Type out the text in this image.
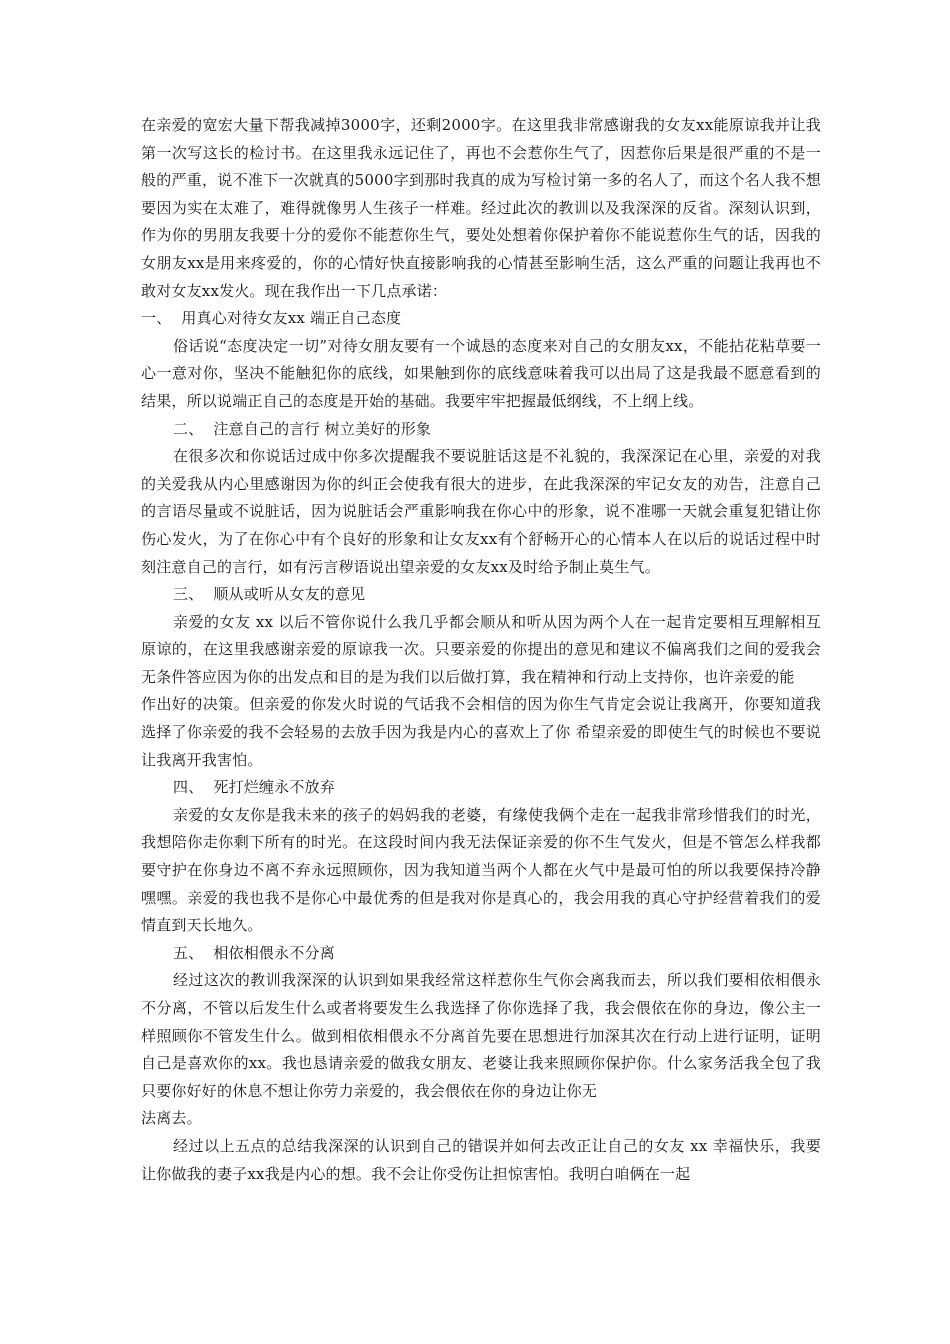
在亲爱的宽宏大量下帮我减掉3000字，还剩2000字。在这里我非常感谢我的女友xx能原谅我并让我第一次写这长的检讨书。在这里我永远记住了，再也不会惹你生气了，因惹你后果是很严重的不是一般的严重，说不准下一次就真的5000字到那时我真的成为写检讨第一多的名人了，而这个名人我不想要因为实在太难了，难得就像男人生孩子一样难。经过此次的教训以及我深深的反省。深刻认识到，作为你的男朋友我要十分的爱你不能惹你生气，要处处想着你保护着你不能说惹你生气的话，因我的女朋友xx是用来疼爱的，你的心情好快直接影响我的心情甚至影响生活，这么严重的问题让我再也不敢对女友xx发火。现在我作出一下几点承诺：

一、  用真心对待女友xx 端正自己态度

俗话说“态度决定一切”对待女朋友要有一个诚恳的态度来对自己的女朋友xx，不能拈花粘草要一心一意对你，坚决不能触犯你的底线，如果触到你的底线意味着我可以出局了这是我最不愿意看到的结果，所以说端正自己的态度是开始的基础。我要牢牢把握最低纲线，不上纲上线。

二、  注意自己的言行 树立美好的形象

在很多次和你说话过成中你多次提醒我不要说脏话这是不礼貌的，我深深记在心里，亲爱的对我的关爱我从内心里感谢因为你的纠正会使我有很大的进步，在此我深深的牢记女友的劝告，注意自己的言语尽量或不说脏话，因为说脏话会严重影响我在你心中的形象，说不准哪一天就会重复犯错让你伤心发火，为了在你心中有个良好的形象和让女友xx有个舒畅开心的心情本人在以后的说话过程中时刻注意自己的言行，如有污言秽语说出望亲爱的女友xx及时给予制止莫生气。

三、  顺从或听从女友的意见

亲爱的女友 xx 以后不管你说什么我几乎都会顺从和听从因为两个人在一起肯定要相互理解相互原谅的，在这里我感谢亲爱的原谅我一次。只要亲爱的你提出的意见和建议不偏离我们之间的爱我会无条件答应因为你的出发点和目的是为我们以后做打算，我在精神和行动上支持你，也许亲爱的能

作出好的决策。但亲爱的你发火时说的气话我不会相信的因为你生气肯定会说让我离开，你要知道我选择了你亲爱的我不会轻易的去放手因为我是内心的喜欢上了你 希望亲爱的即使生气的时候也不要说让我离开我害怕。

四、  死打烂缠永不放弃

亲爱的女友你是我未来的孩子的妈妈我的老婆，有缘使我俩个走在一起我非常珍惜我们的时光，我想陪你走你剩下所有的时光。在这段时间内我无法保证亲爱的你不生气发火，但是不管怎么样我都要守护在你身边不离不弃永远照顾你，因为我知道当两个人都在火气中是最可怕的所以我要保持冷静嘿嘿。亲爱的我也我不是你心中最优秀的但是我对你是真心的，我会用我的真心守护经营着我们的爱情直到天长地久。

五、  相依相偎永不分离

经过这次的教训我深深的认识到如果我经常这样惹你生气你会离我而去，所以我们要相依相偎永不分离，不管以后发生什么或者将要发生么我选择了你你选择了我，我会偎依在你的身边，像公主一样照顾你不管发生什么。做到相依相偎永不分离首先要在思想进行加深其次在行动上进行证明，证明自己是喜欢你的xx。我也恳请亲爱的做我女朋友、老婆让我来照顾你保护你。什么家务活我全包了我只要你好好的休息不想让你劳力亲爱的，我会偎依在你的身边让你无

法离去。

经过以上五点的总结我深深的认识到自己的错误并如何去改正让自己的女友 xx 幸福快乐，我要让你做我的妻子xx我是内心的想。我不会让你受伤让担惊害怕。我明白咱俩在一起
